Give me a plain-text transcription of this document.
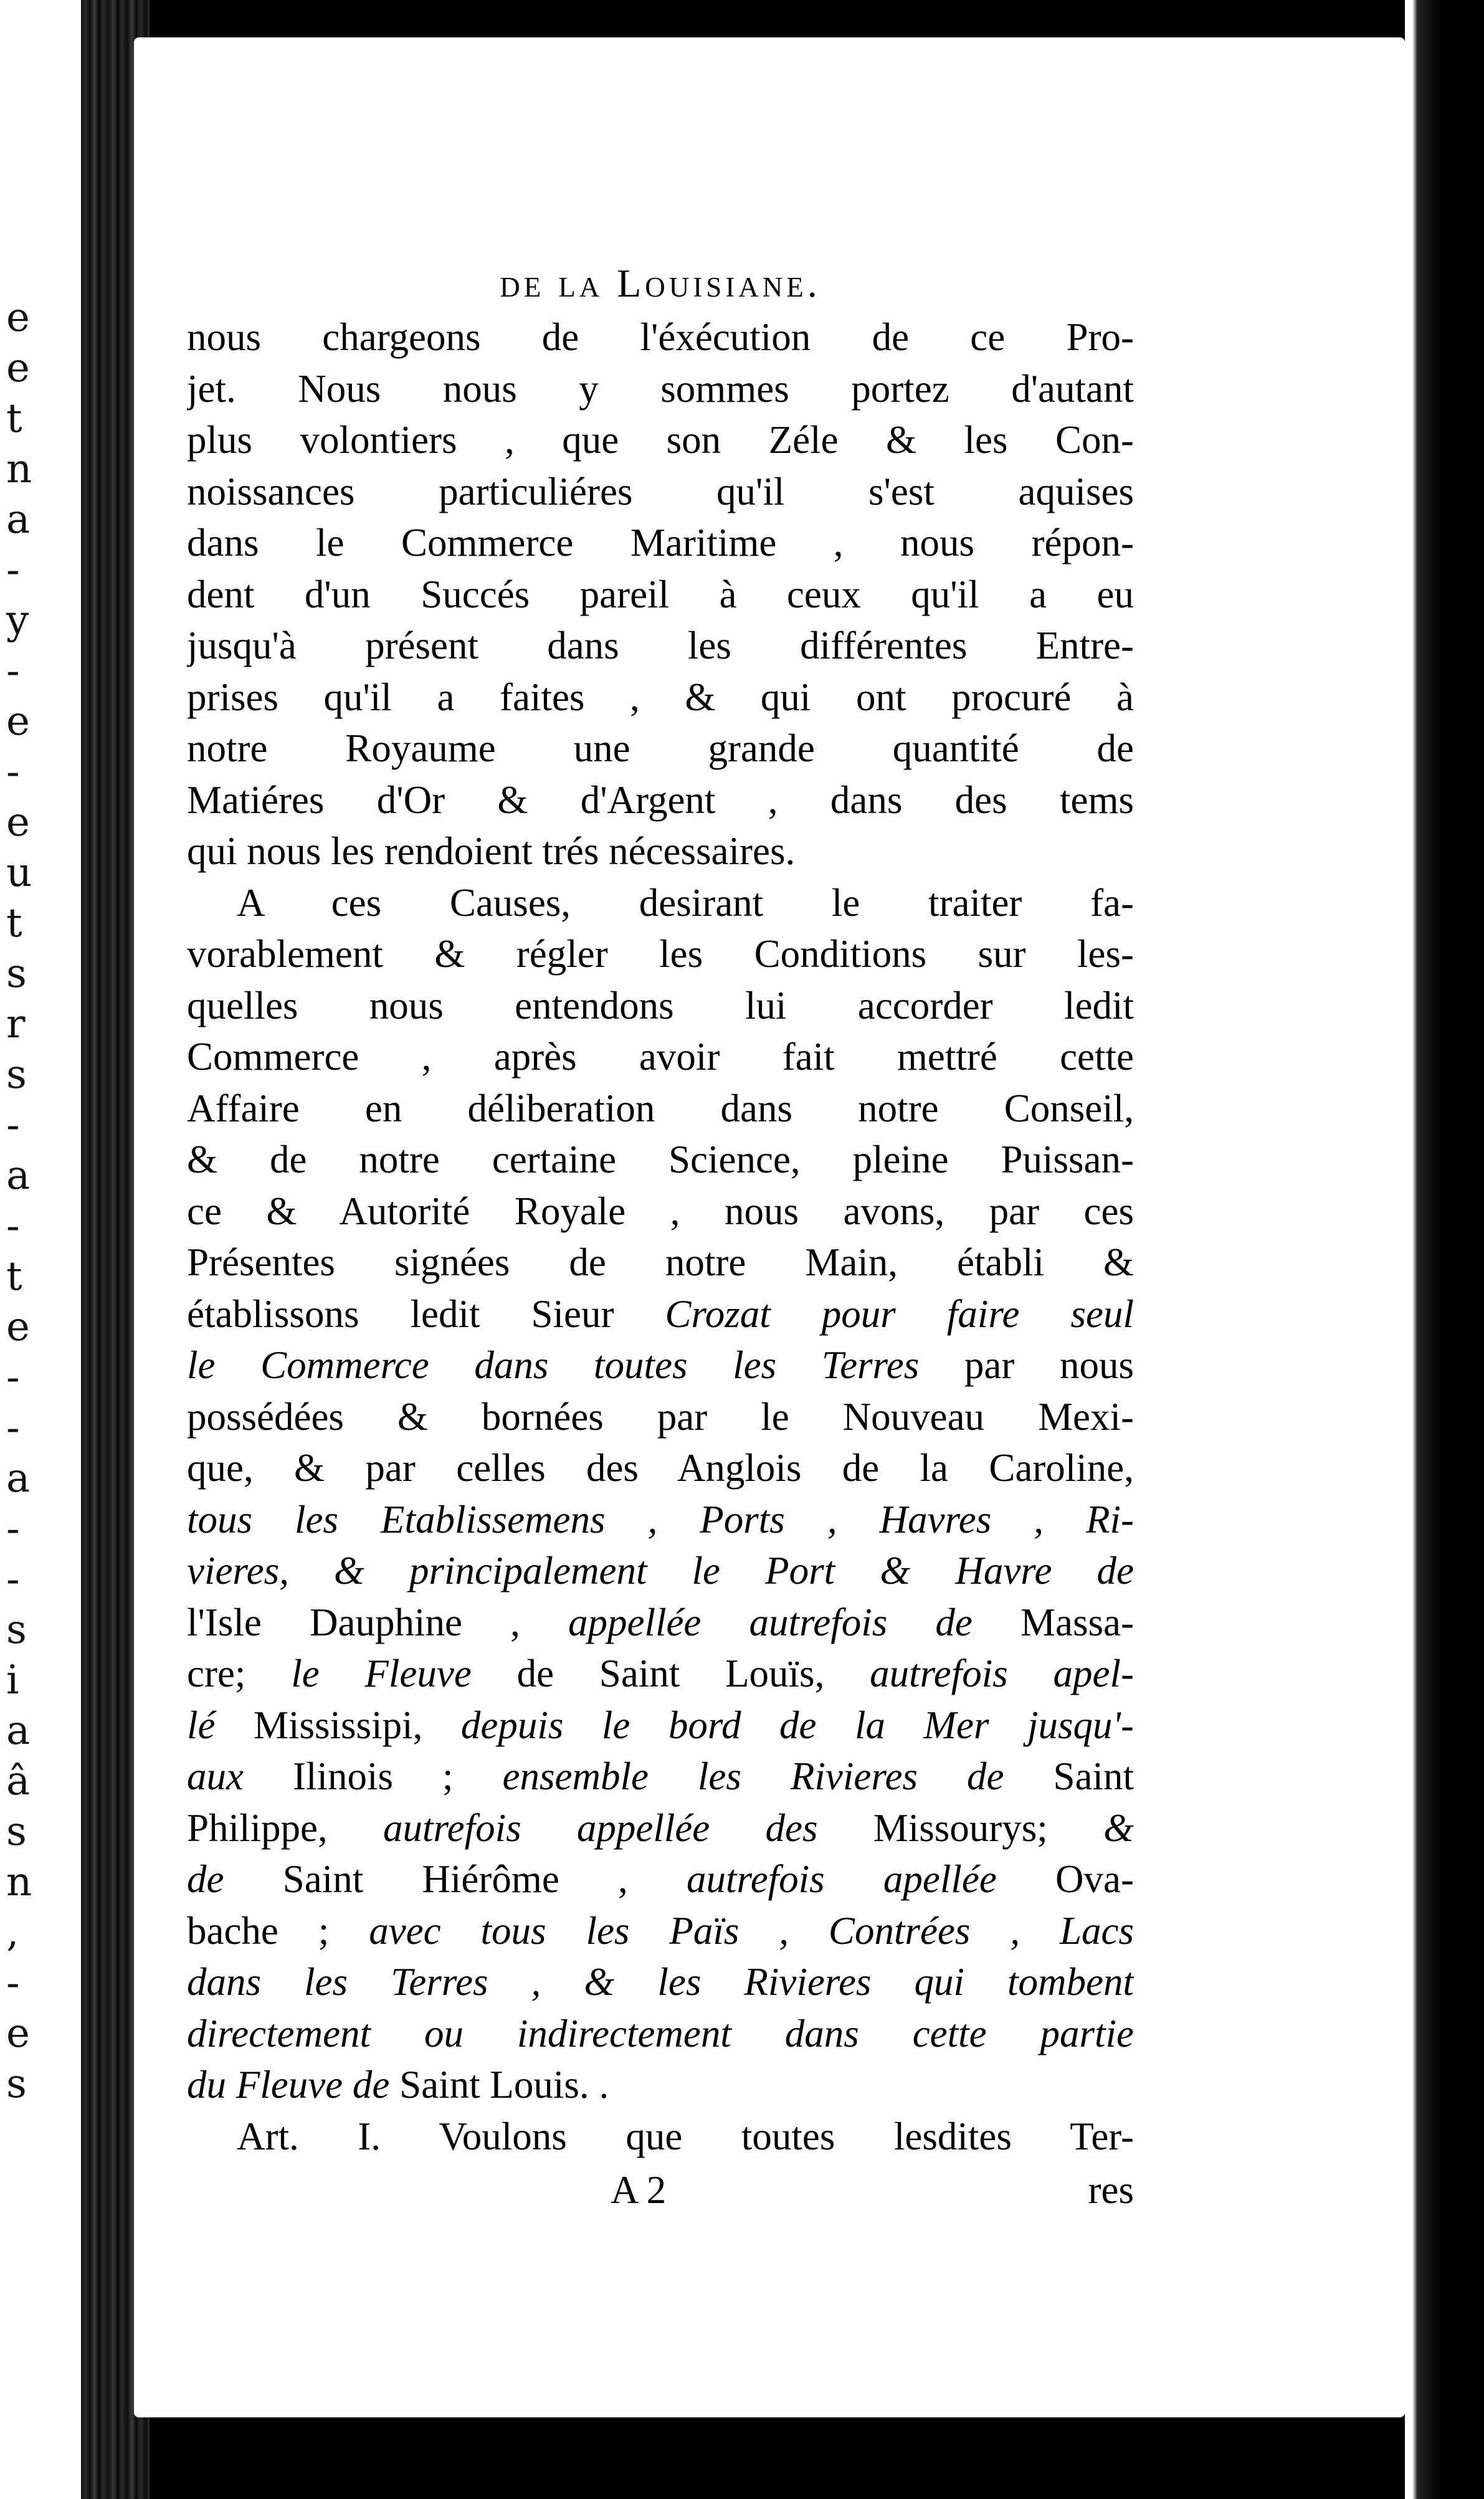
e
e
t
n
a
-
y
-
e
-
e
u
t
s
r
s
-
a
-
t
e
-
-
a
-
-
s
i
a
â
s
n
,
-
e
s
de la Louisiane.
nous chargeons de l'éxécution de ce Pro-
jet. Nous nous y sommes portez d'autant
plus volontiers , que son Zéle & les Con-
noissances particuliéres qu'il s'est aquises
dans le Commerce Maritime , nous répon-
dent d'un Succés pareil à ceux qu'il a eu
jusqu'à présent dans les différentes Entre-
prises qu'il a faites , & qui ont procuré à
notre Royaume une grande quantité de
Matiéres d'Or & d'Argent , dans des tems
qui nous les rendoient trés nécessaires.
A ces Causes, desirant le traiter fa-
vorablement & régler les Conditions sur les-
quelles nous entendons lui accorder ledit
Commerce , après avoir fait mettré cette
Affaire en déliberation dans notre Conseil,
& de notre certaine Science, pleine Puissan-
ce & Autorité Royale , nous avons, par ces
Présentes signées de notre Main, établi &
établissons ledit Sieur Crozat pour faire seul
le Commerce dans toutes les Terres par nous
possédées & bornées par le Nouveau Mexi-
que, & par celles des Anglois de la Caroline,
tous les Etablissemens , Ports , Havres , Ri-
vieres, & principalement le Port & Havre de
l'Isle Dauphine , appellée autrefois de Massa-
cre; le Fleuve de Saint Louïs, autrefois apel-
lé Mississipi, depuis le bord de la Mer jusqu'-
aux Ilinois ; ensemble les Rivieres de Saint
Philippe, autrefois appellée des Missourys; &
de Saint Hiérôme , autrefois apellée Ova-
bache ; avec tous les Païs , Contrées , Lacs
dans les Terres , & les Rivieres qui tombent
directement ou indirectement dans cette partie
du Fleuve de Saint Louis. .
Art. I. Voulons que toutes lesdites Ter-
A 2	res
